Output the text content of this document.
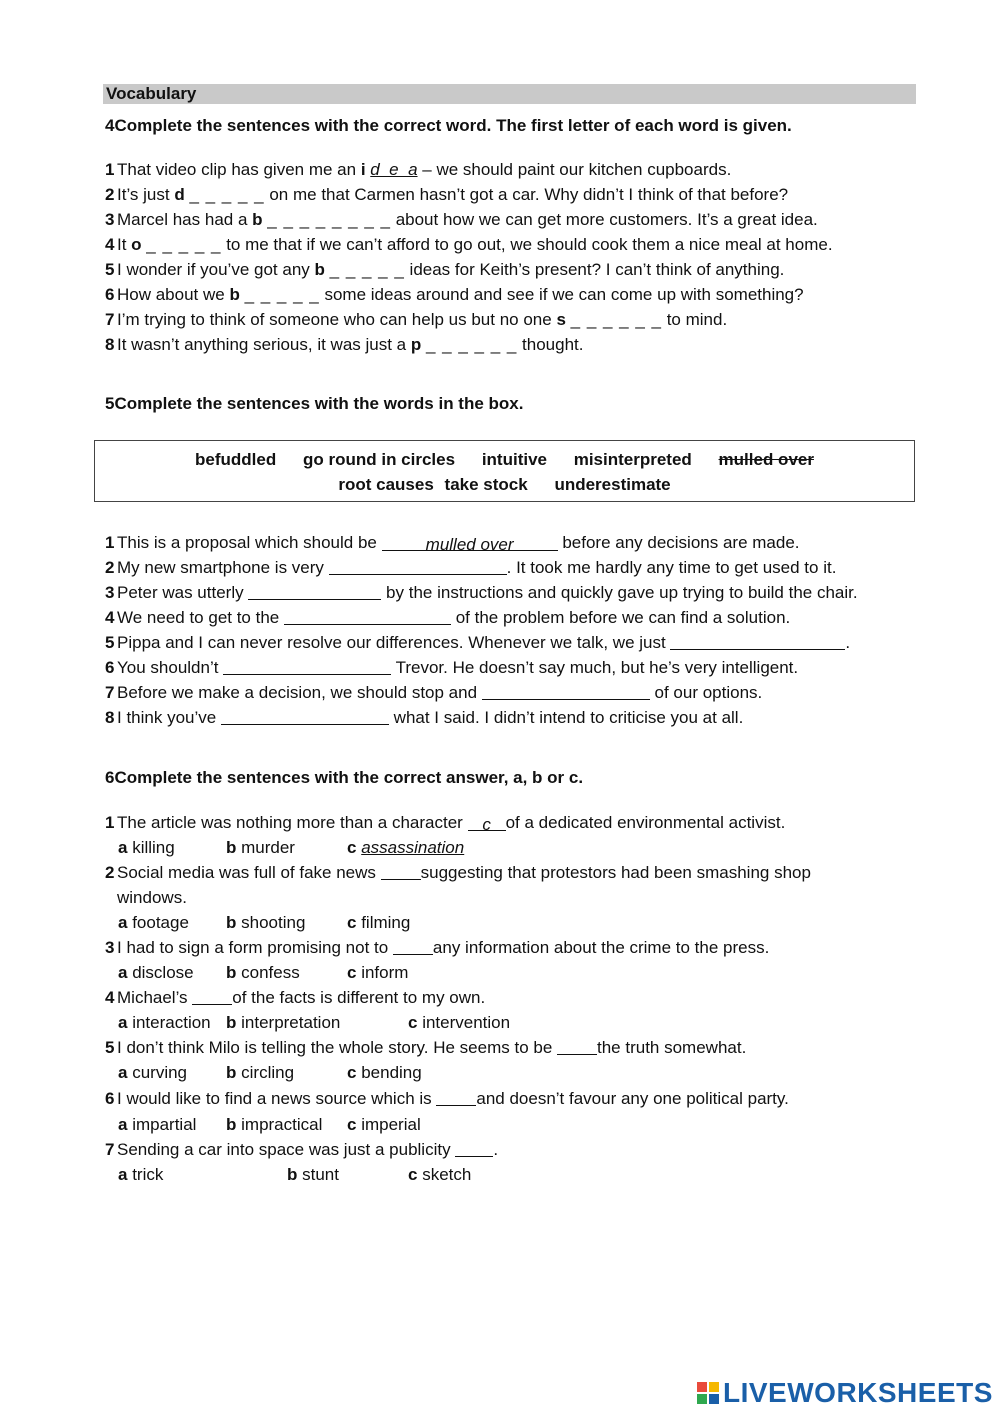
Vocabulary
4Complete the sentences with the correct word. The first letter of each word is given.
1 That video clip has given me an i d  e  a – we should paint our kitchen cupboards.
2 It’s just d _ _ _ _ _ on me that Carmen hasn’t got a car. Why didn’t I think of that before?
3 Marcel has had a b _ _ _ _ _ _ _ _ about how we can get more customers. It’s a great idea.
4 It o _ _ _ _ _ to me that if we can’t afford to go out, we should cook them a nice meal at home.
5 I wonder if you’ve got any b _ _ _ _ _ ideas for Keith’s present? I can’t think of anything.
6 How about we b _ _ _ _ _ some ideas around and see if we can come up with something?
7 I’m trying to think of someone who can help us but no one s _ _ _ _ _ _ to mind.
8 It wasn’t anything serious, it was just a p _ _ _ _ _ _ thought.
5Complete the sentences with the words in the box.
befuddled go round in circles intuitive misinterpreted mulled over
root causes take stock underestimate
1 This is a proposal which should be	mulled over	before any decisions are made.
2 My new smartphone is very	. It took me hardly any time to get used to it.
3 Peter was utterly	by the instructions and quickly gave up trying to build the chair.
4 We need to get to the	of the problem before we can find a solution.
5 Pippa and I can never resolve our differences. Whenever we talk, we just	.
6 You shouldn’t	Trevor. He doesn’t say much, but he’s very intelligent.
7 Before we make a decision, we should stop and	of our options.
8 I think you’ve	what I said. I didn’t intend to criticise you at all.
6Complete the sentences with the correct answer, a, b or c.
1 The article was nothing more than a character c of a dedicated environmental activist.
a killing	b murder	c assassination
2 Social media was full of fake news suggesting that protestors had been smashing shop
windows.
a footage b shooting c filming
3 I had to sign a form promising not to any information about the crime to the press.
a disclose b confess	c inform
4 Michael’s of the facts is different to my own.
a interaction b interpretation	c intervention
5 I don’t think Milo is telling the whole story. He seems to be the truth somewhat.
a curving b circling	c bending
6 I would like to find a news source which is and doesn’t favour any one political party.
a impartial b impractical c imperial
7 Sending a car into space was just a publicity .
a trick	b stunt	c sketch
LIVEWORKSHEETS
